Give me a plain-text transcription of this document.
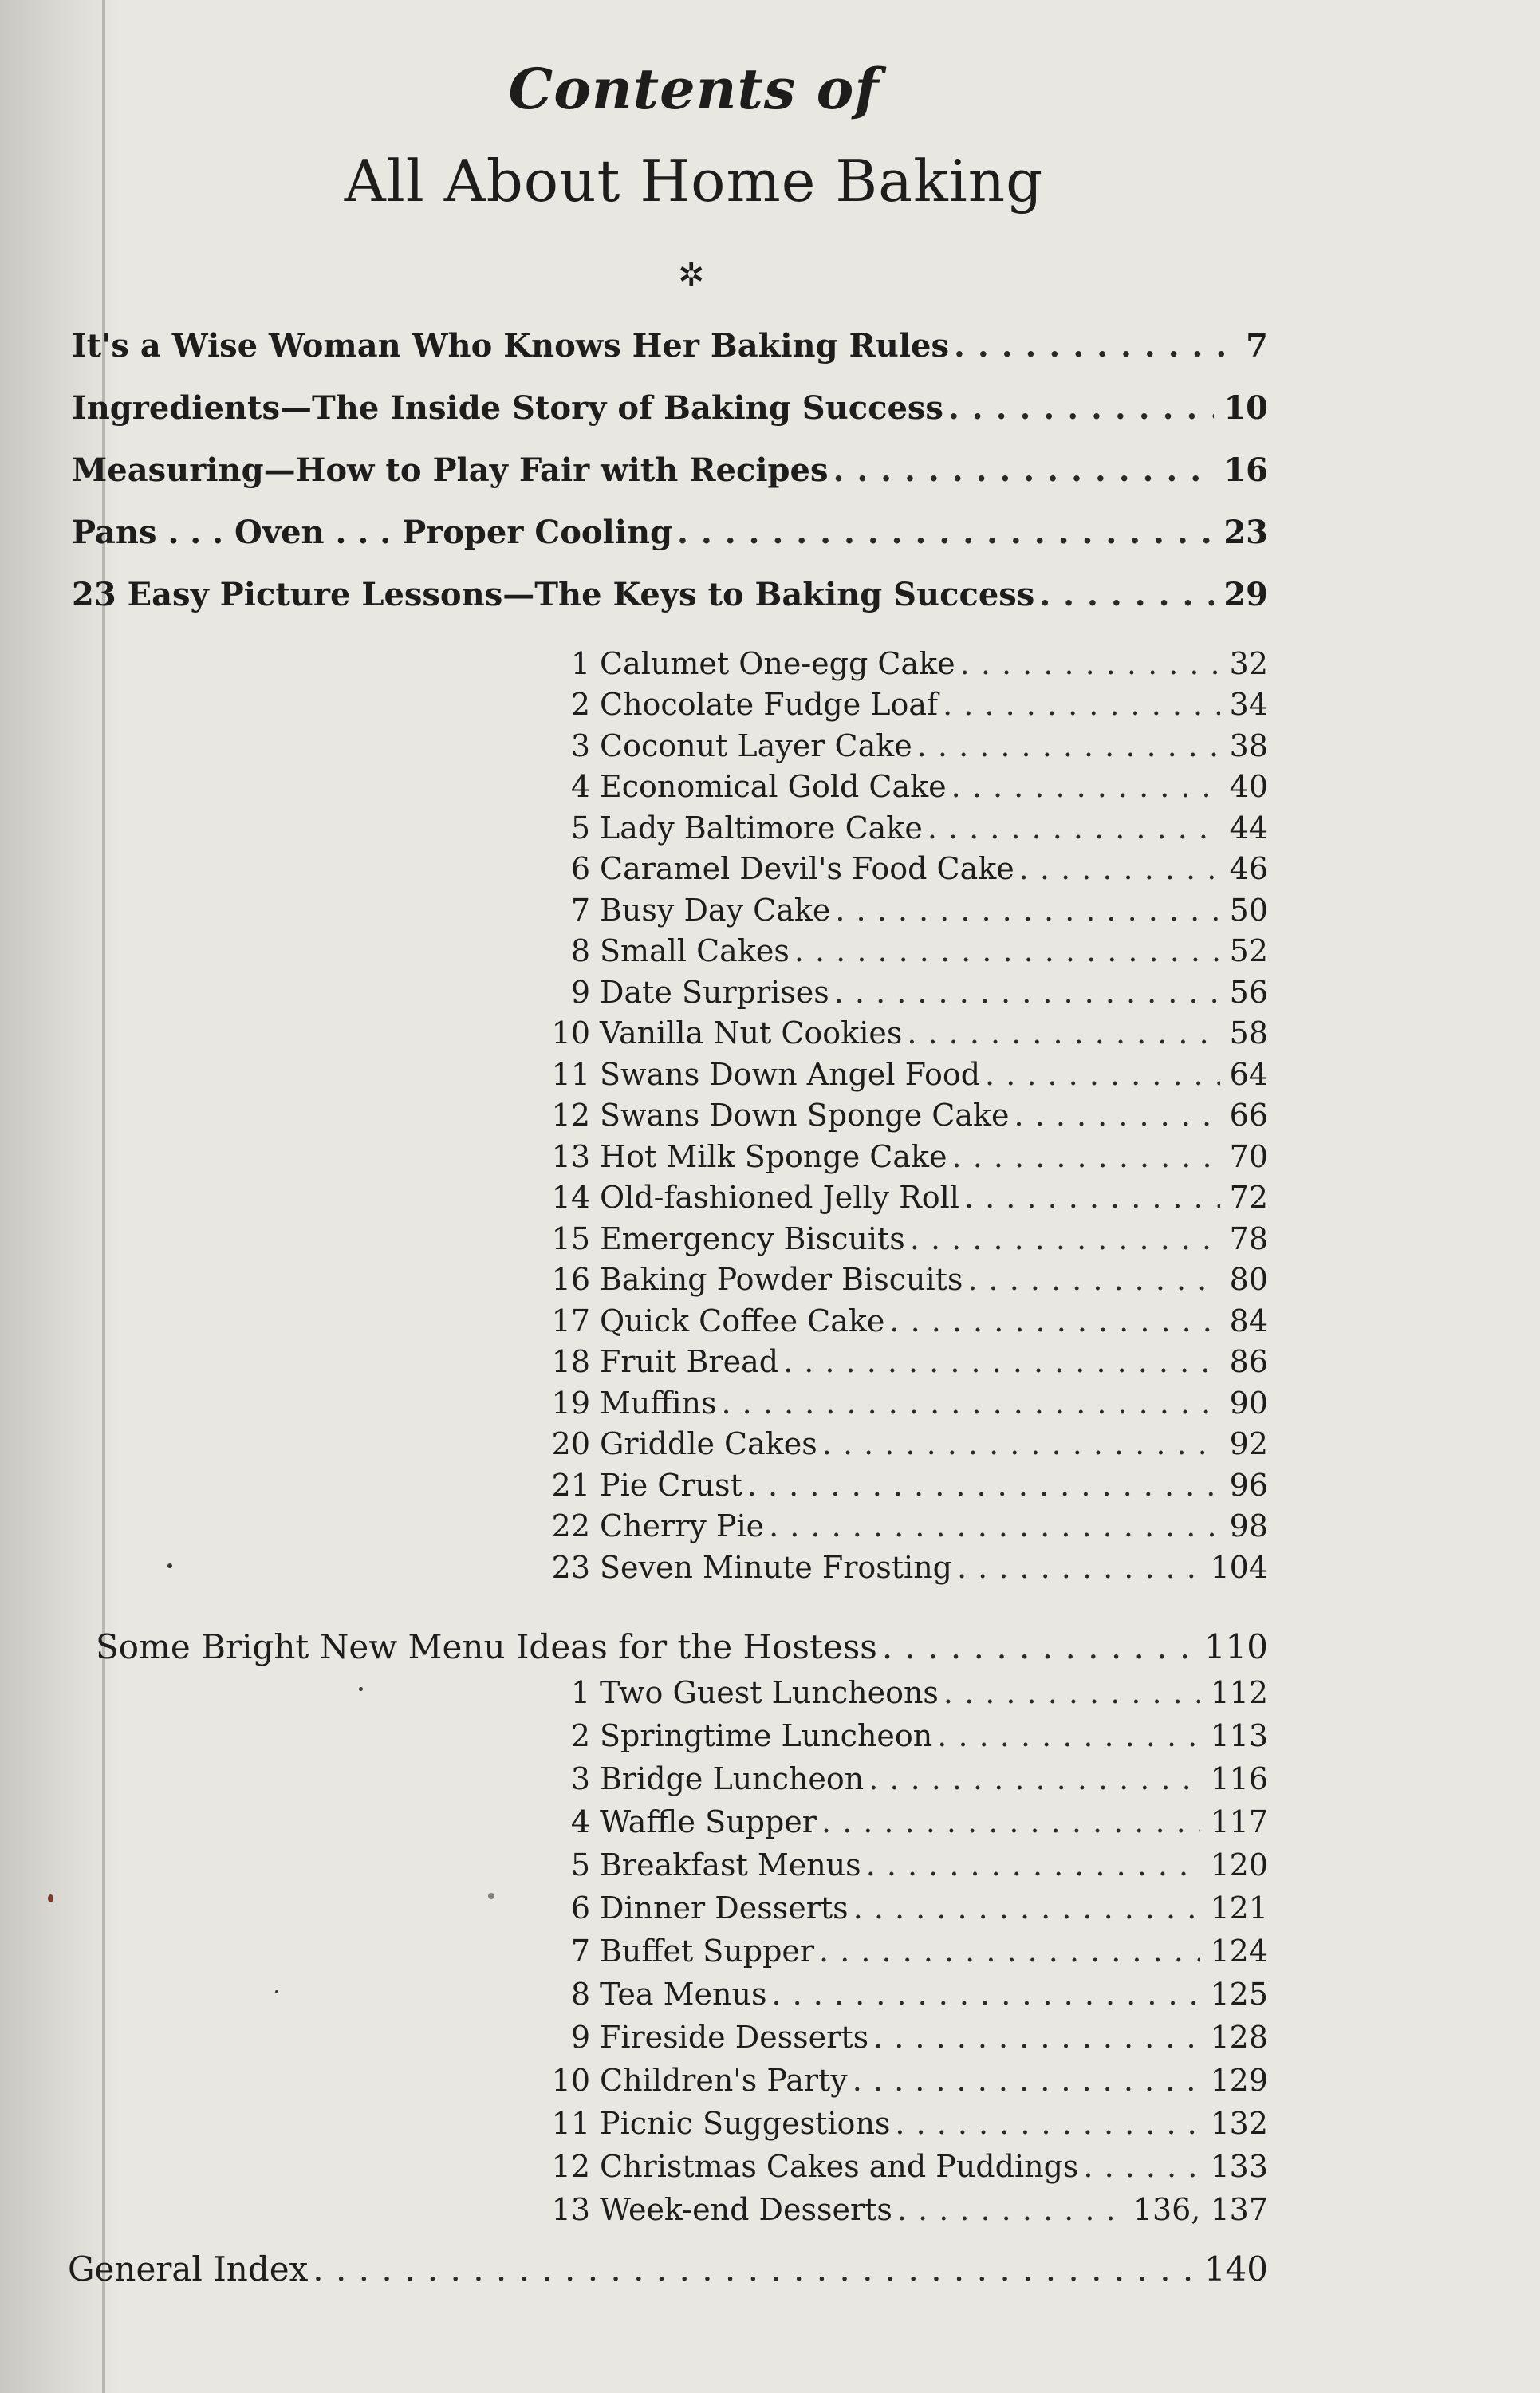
Contents of
All About Home Baking
✲
It's a Wise Woman Who Knows Her Baking Rules . . .	7
Ingredients—The Inside Story of Baking Success . . .	10
Measuring—How to Play Fair with Recipes . . .	16
Pans . . . Oven . . . Proper Cooling . . .	23
23 Easy Picture Lessons—The Keys to Baking Success . . .	29
1 Calumet One-egg Cake . . .	32
2 Chocolate Fudge Loaf . . .	34
3 Coconut Layer Cake . . .	38
4 Economical Gold Cake . . .	40
5 Lady Baltimore Cake . . .	44
6 Caramel Devil's Food Cake . . .	46
7 Busy Day Cake . . .	50
8 Small Cakes . . .	52
9 Date Surprises . . .	56
10 Vanilla Nut Cookies . . .	58
11 Swans Down Angel Food . . .	64
12 Swans Down Sponge Cake . . .	66
13 Hot Milk Sponge Cake . . .	70
14 Old-fashioned Jelly Roll . . .	72
15 Emergency Biscuits . . .	78
16 Baking Powder Biscuits . . .	80
17 Quick Coffee Cake . . .	84
18 Fruit Bread . . .	86
19 Muffins . . .	90
20 Griddle Cakes . . .	92
21 Pie Crust . . .	96
22 Cherry Pie . . .	98
23 Seven Minute Frosting . . .	104
Some Bright New Menu Ideas for the Hostess . . .	110
1 Two Guest Luncheons . . .	112
2 Springtime Luncheon . . .	113
3 Bridge Luncheon . . .	116
4 Waffle Supper . . .	117
5 Breakfast Menus . . .	120
6 Dinner Desserts . . .	121
7 Buffet Supper . . .	124
8 Tea Menus . . .	125
9 Fireside Desserts . . .	128
10 Children's Party . . .	129
11 Picnic Suggestions . . .	132
12 Christmas Cakes and Puddings . . .	133
13 Week-end Desserts . . .	136, 137
General Index . . .	140
